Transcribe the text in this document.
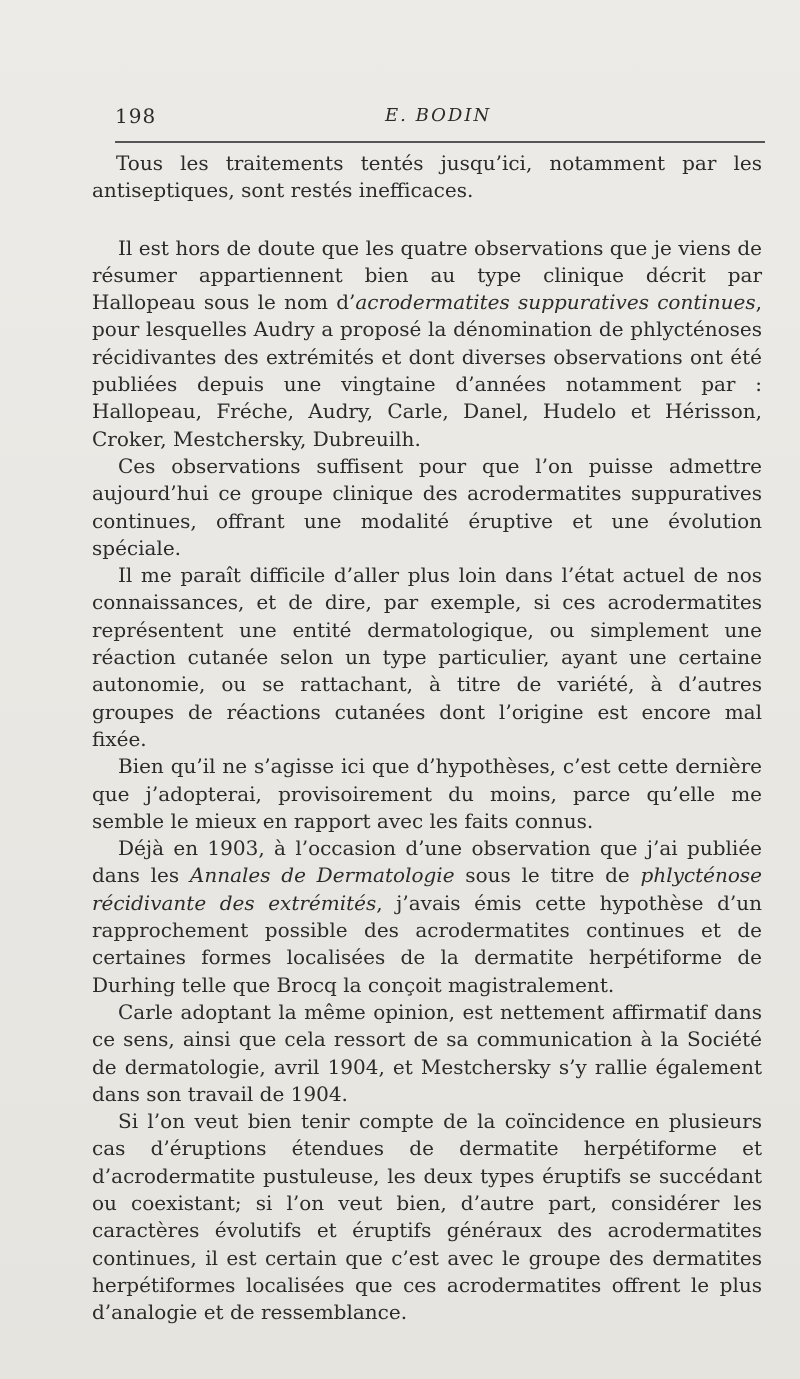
198	E. BODIN

Tous les traitements tentés jusqu’ici, notamment par les antiseptiques, sont restés inefficaces.

Il est hors de doute que les quatre observations que je viens de résumer appartiennent bien au type clinique décrit par Hallopeau sous le nom d’acrodermatites suppuratives continues, pour lesquelles Audry a proposé la dénomination de phlycténoses récidivantes des extrémités et dont diverses observations ont été publiées depuis une vingtaine d’années notamment par : Hallopeau, Fréche, Audry, Carle, Danel, Hudelo et Hérisson, Croker, Mestchersky, Dubreuilh.

Ces observations suffisent pour que l’on puisse admettre aujourd’hui ce groupe clinique des acrodermatites suppuratives continues, offrant une modalité éruptive et une évolution spéciale.

Il me paraît difficile d’aller plus loin dans l’état actuel de nos connaissances, et de dire, par exemple, si ces acrodermatites représentent une entité dermatologique, ou simplement une réaction cutanée selon un type particulier, ayant une certaine autonomie, ou se rattachant, à titre de variété, à d’autres groupes de réactions cutanées dont l’origine est encore mal fixée.

Bien qu’il ne s’agisse ici que d’hypothèses, c’est cette dernière que j’adopterai, provisoirement du moins, parce qu’elle me semble le mieux en rapport avec les faits connus.

Déjà en 1903, à l’occasion d’une observation que j’ai publiée dans les Annales de Dermatologie sous le titre de phlycténose récidivante des extrémités, j’avais émis cette hypothèse d’un rapprochement possible des acrodermatites continues et de certaines formes localisées de la dermatite herpétiforme de Durhing telle que Brocq la conçoit magistralement.

Carle adoptant la même opinion, est nettement affirmatif dans ce sens, ainsi que cela ressort de sa communication à la Société de dermatologie, avril 1904, et Mestchersky s’y rallie également dans son travail de 1904.

Si l’on veut bien tenir compte de la coïncidence en plusieurs cas d’éruptions étendues de dermatite herpétiforme et d’acrodermatite pustuleuse, les deux types éruptifs se succédant ou coexistant; si l’on veut bien, d’autre part, considérer les caractères évolutifs et éruptifs généraux des acrodermatites continues, il est certain que c’est avec le groupe des dermatites herpétiformes localisées que ces acrodermatites offrent le plus d’analogie et de ressemblance.
